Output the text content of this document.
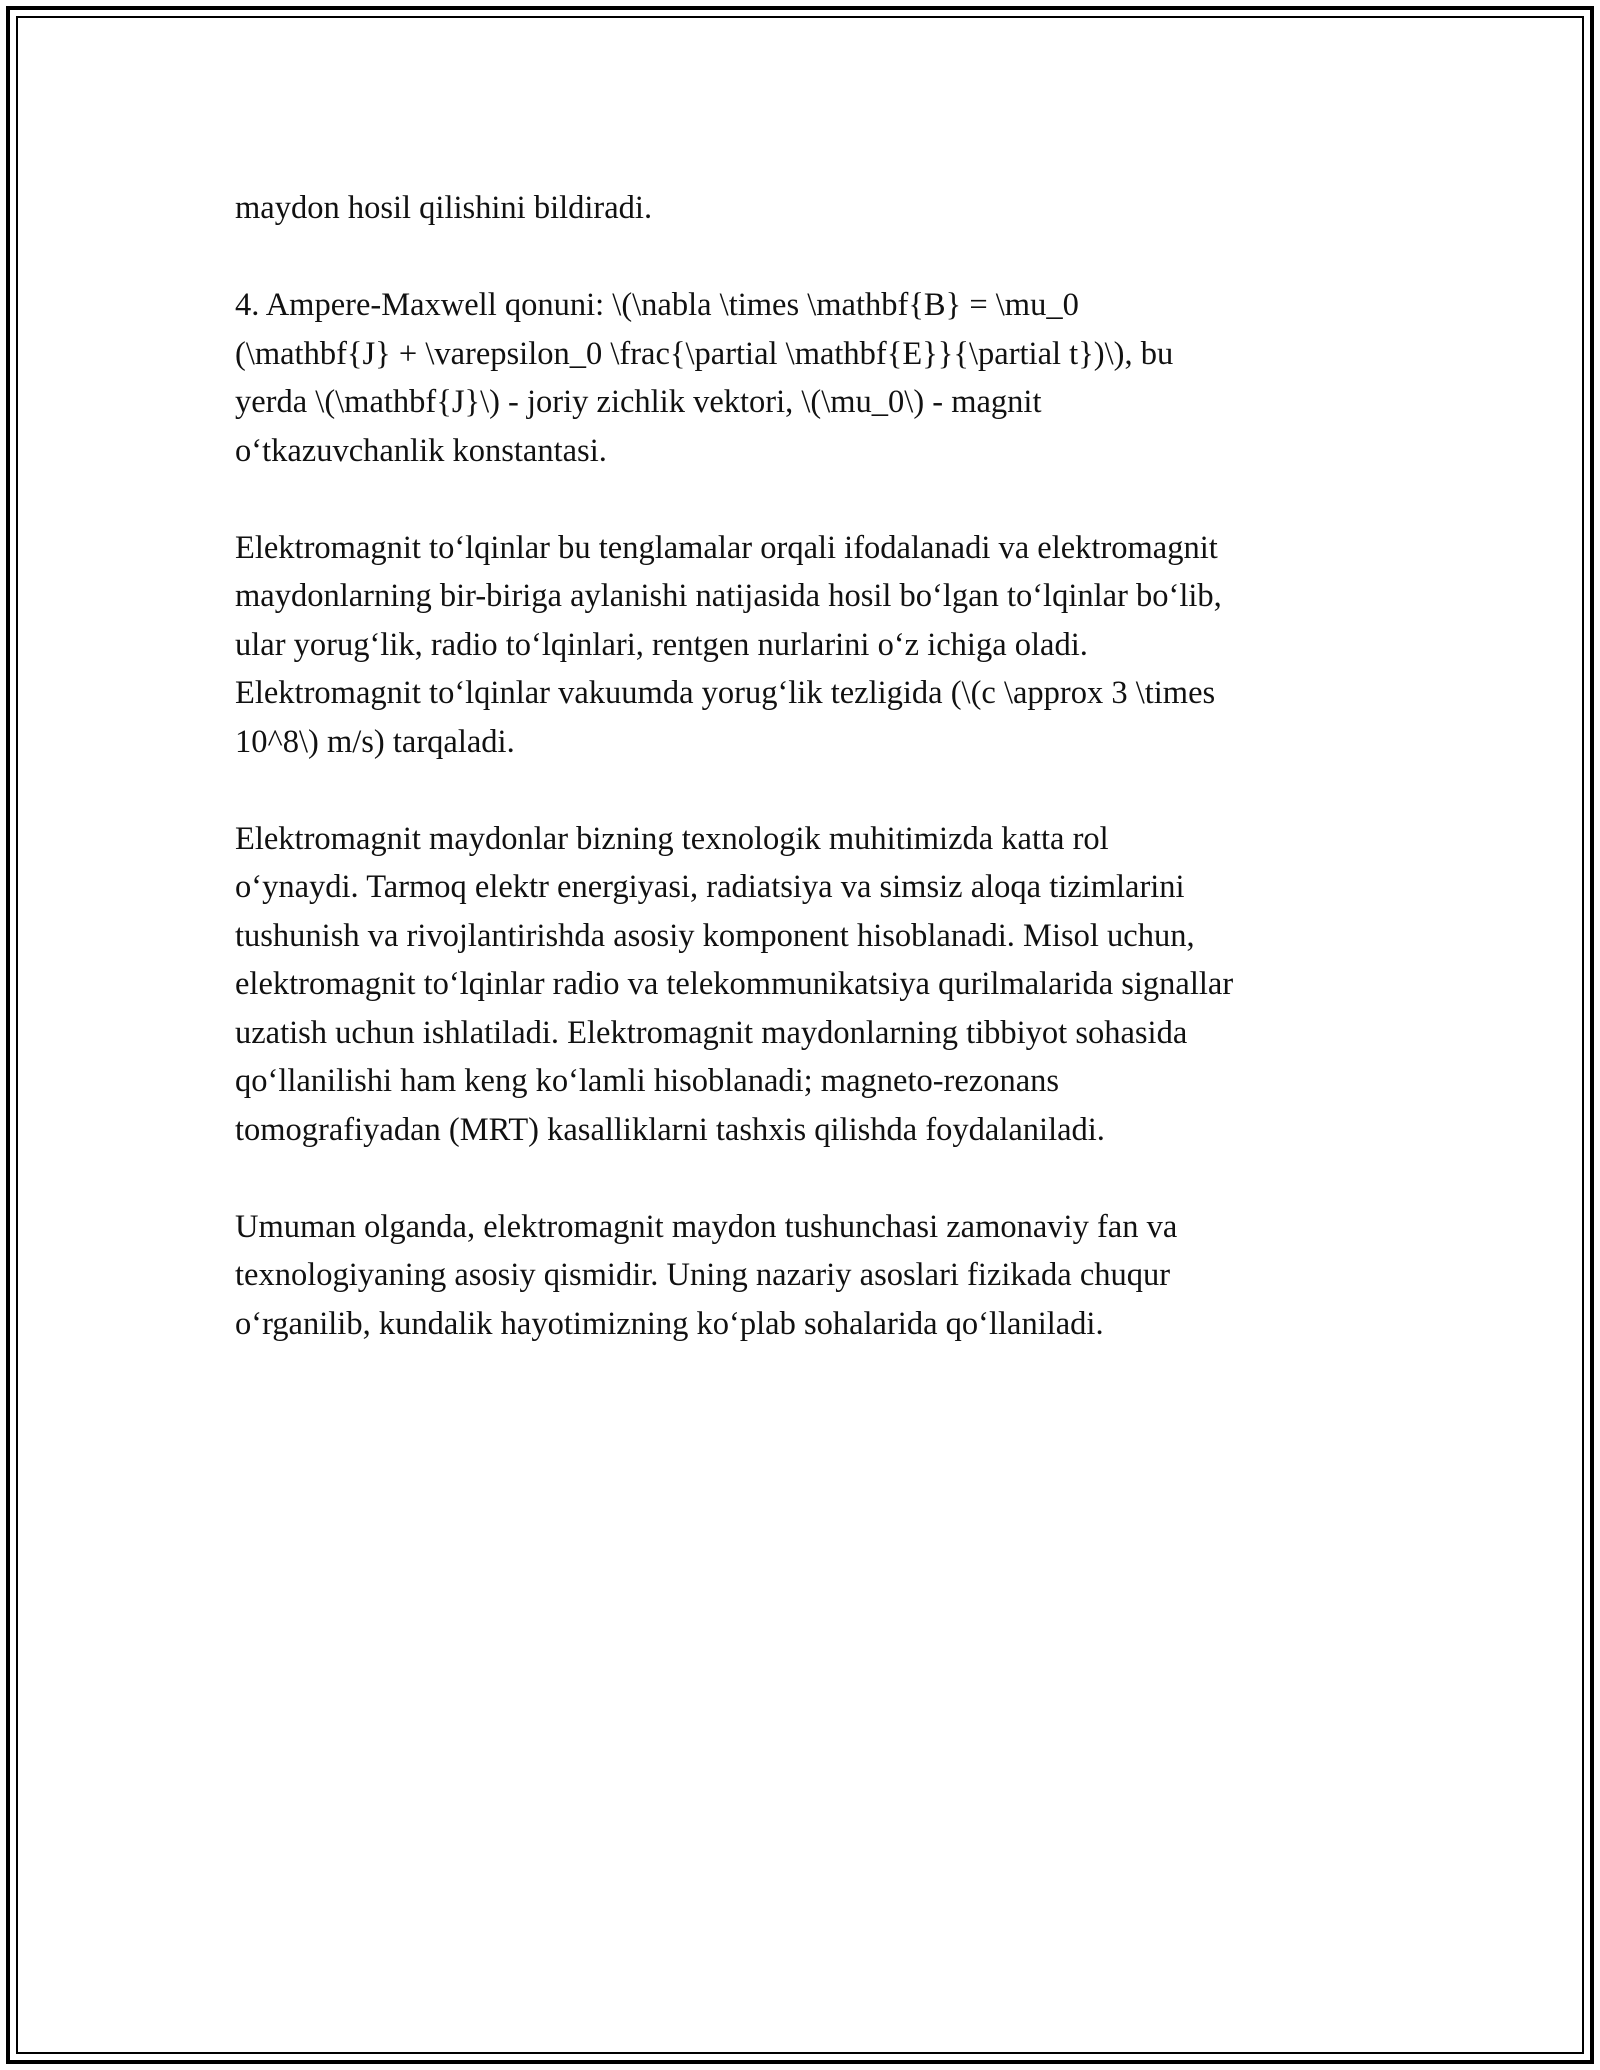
maydon hosil qilishini bildiradi.

4. Ampere-Maxwell qonuni: \(\nabla \times \mathbf{B} = \mu_0
(\mathbf{J} + \varepsilon_0 \frac{\partial \mathbf{E}}{\partial t})\), bu
yerda \(\mathbf{J}\) - joriy zichlik vektori, \(\mu_0\) - magnit
o‘tkazuvchanlik konstantasi.

Elektromagnit to‘lqinlar bu tenglamalar orqali ifodalanadi va elektromagnit
maydonlarning bir-biriga aylanishi natijasida hosil bo‘lgan to‘lqinlar bo‘lib,
ular yorug‘lik, radio to‘lqinlari, rentgen nurlarini o‘z ichiga oladi.
Elektromagnit to‘lqinlar vakuumda yorug‘lik tezligida (\(c \approx 3 \times
10^8\) m/s) tarqaladi.

Elektromagnit maydonlar bizning texnologik muhitimizda katta rol
o‘ynaydi. Tarmoq elektr energiyasi, radiatsiya va simsiz aloqa tizimlarini
tushunish va rivojlantirishda asosiy komponent hisoblanadi. Misol uchun,
elektromagnit to‘lqinlar radio va telekommunikatsiya qurilmalarida signallar
uzatish uchun ishlatiladi. Elektromagnit maydonlarning tibbiyot sohasida
qo‘llanilishi ham keng ko‘lamli hisoblanadi; magneto-rezonans
tomografiyadan (MRT) kasalliklarni tashxis qilishda foydalaniladi.

Umuman olganda, elektromagnit maydon tushunchasi zamonaviy fan va
texnologiyaning asosiy qismidir. Uning nazariy asoslari fizikada chuqur
o‘rganilib, kundalik hayotimizning ko‘plab sohalarida qo‘llaniladi.
